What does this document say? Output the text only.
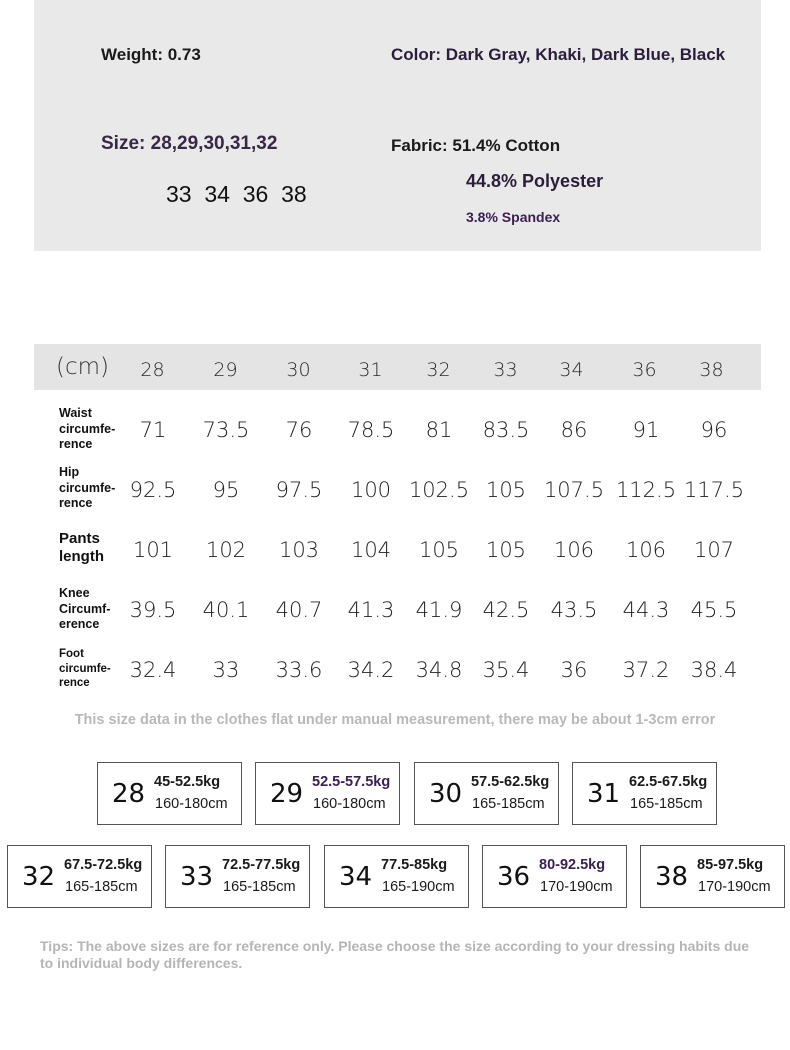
Weight: 0.73	Color: Dark Gray, Khaki, Dark Blue, Black
Size: 28,29,30,31,32
33  34  36  38
Fabric: 51.4% Cotton
44.8% Polyester
3.8% Spandex
(cm)	28	29	30	31	32	33	34	36	38
Waist circumfe- rence
71	73.5	76	78.5	81	83.5	86	91	96
Hip circumfe- rence
92.5	95	97.5	100 102.5 105 107.5 112.5 117.5
Pants length	101	102	103	104	105	105	106	106	107
Knee Circumf- erence
39.5	40.1	40.7	41.3	41.9 42.5	43.5	44.3	45.5
Foot circumfe- rence
32.4	33	33.6	34.2	34.8 35.4	36	37.2	38.4
This size data in the clothes flat under manual measurement, there may be about 1-3cm error
28 45-52.5kg
160-180cm 29 52.5-57.5kg
160-180cm 30 57.5-62.5kg
165-185cm 31 62.5-67.5kg
165-185cm
32 67.5-72.5kg
165-185cm 33 72.5-77.5kg
165-185cm 34 77.5-85kg
165-190cm 36 80-92.5kg
170-190cm 38 85-97.5kg
170-190cm
Tips: The above sizes are for reference only. Please choose the size according to your dressing habits due to individual body differences.
